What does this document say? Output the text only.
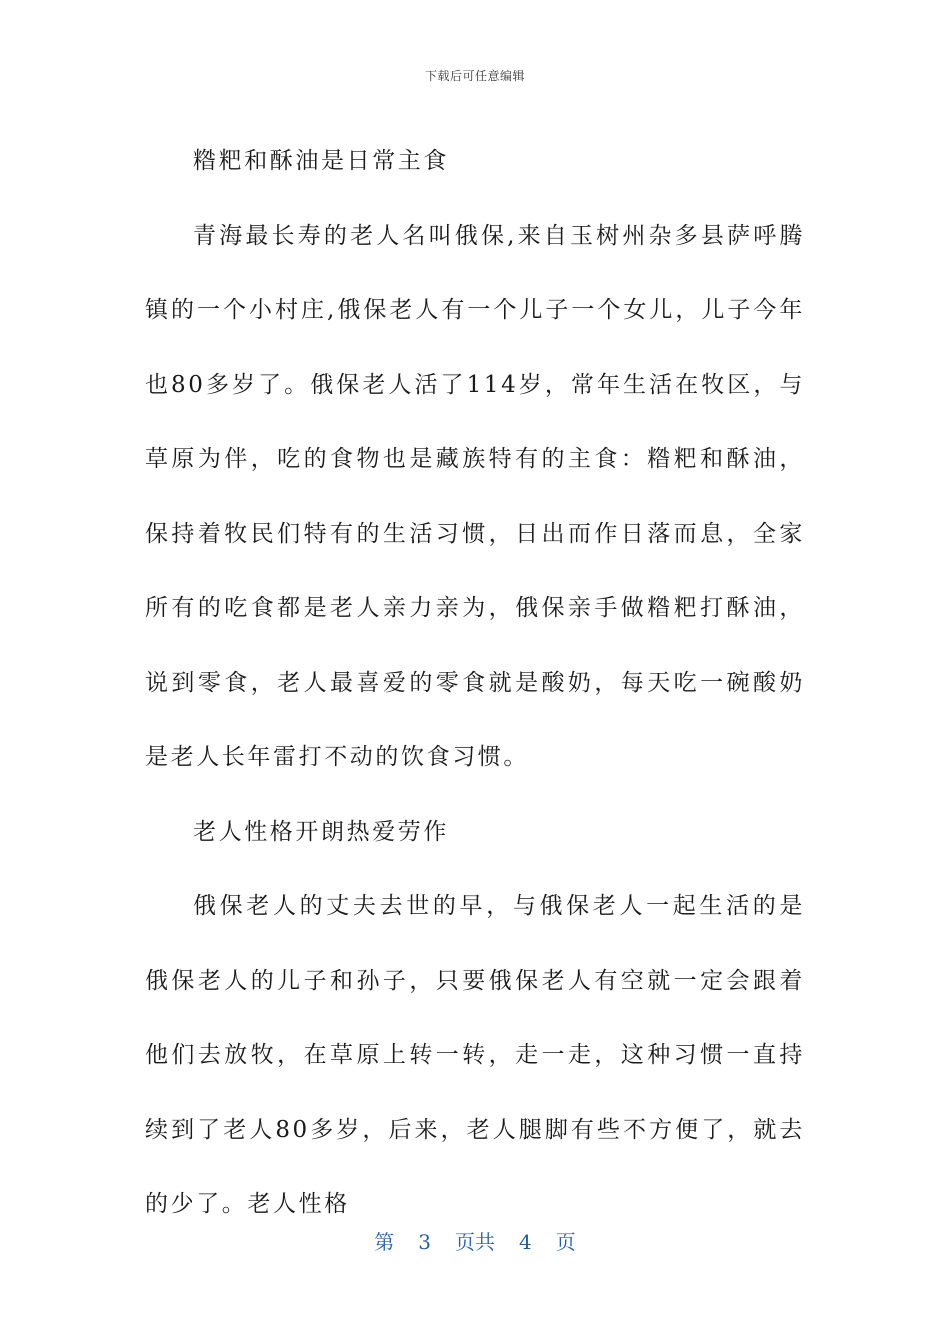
下载后可任意编辑

糌粑和酥油是日常主食

青海最长寿的老人名叫俄保,来自玉树州杂多县萨呼腾镇的一个小村庄,俄保老人有一个儿子一个女儿，儿子今年也80多岁了。俄保老人活了114岁，常年生活在牧区，与草原为伴，吃的食物也是藏族特有的主食：糌粑和酥油，保持着牧民们特有的生活习惯，日出而作日落而息，全家所有的吃食都是老人亲力亲为，俄保亲手做糌粑打酥油，说到零食，老人最喜爱的零食就是酸奶，每天吃一碗酸奶是老人长年雷打不动的饮食习惯。

老人性格开朗热爱劳作

俄保老人的丈夫去世的早，与俄保老人一起生活的是俄保老人的儿子和孙子，只要俄保老人有空就一定会跟着他们去放牧，在草原上转一转，走一走，这种习惯一直持续到了老人80多岁，后来，老人腿脚有些不方便了，就去的少了。老人性格

第 3 页共 4 页
